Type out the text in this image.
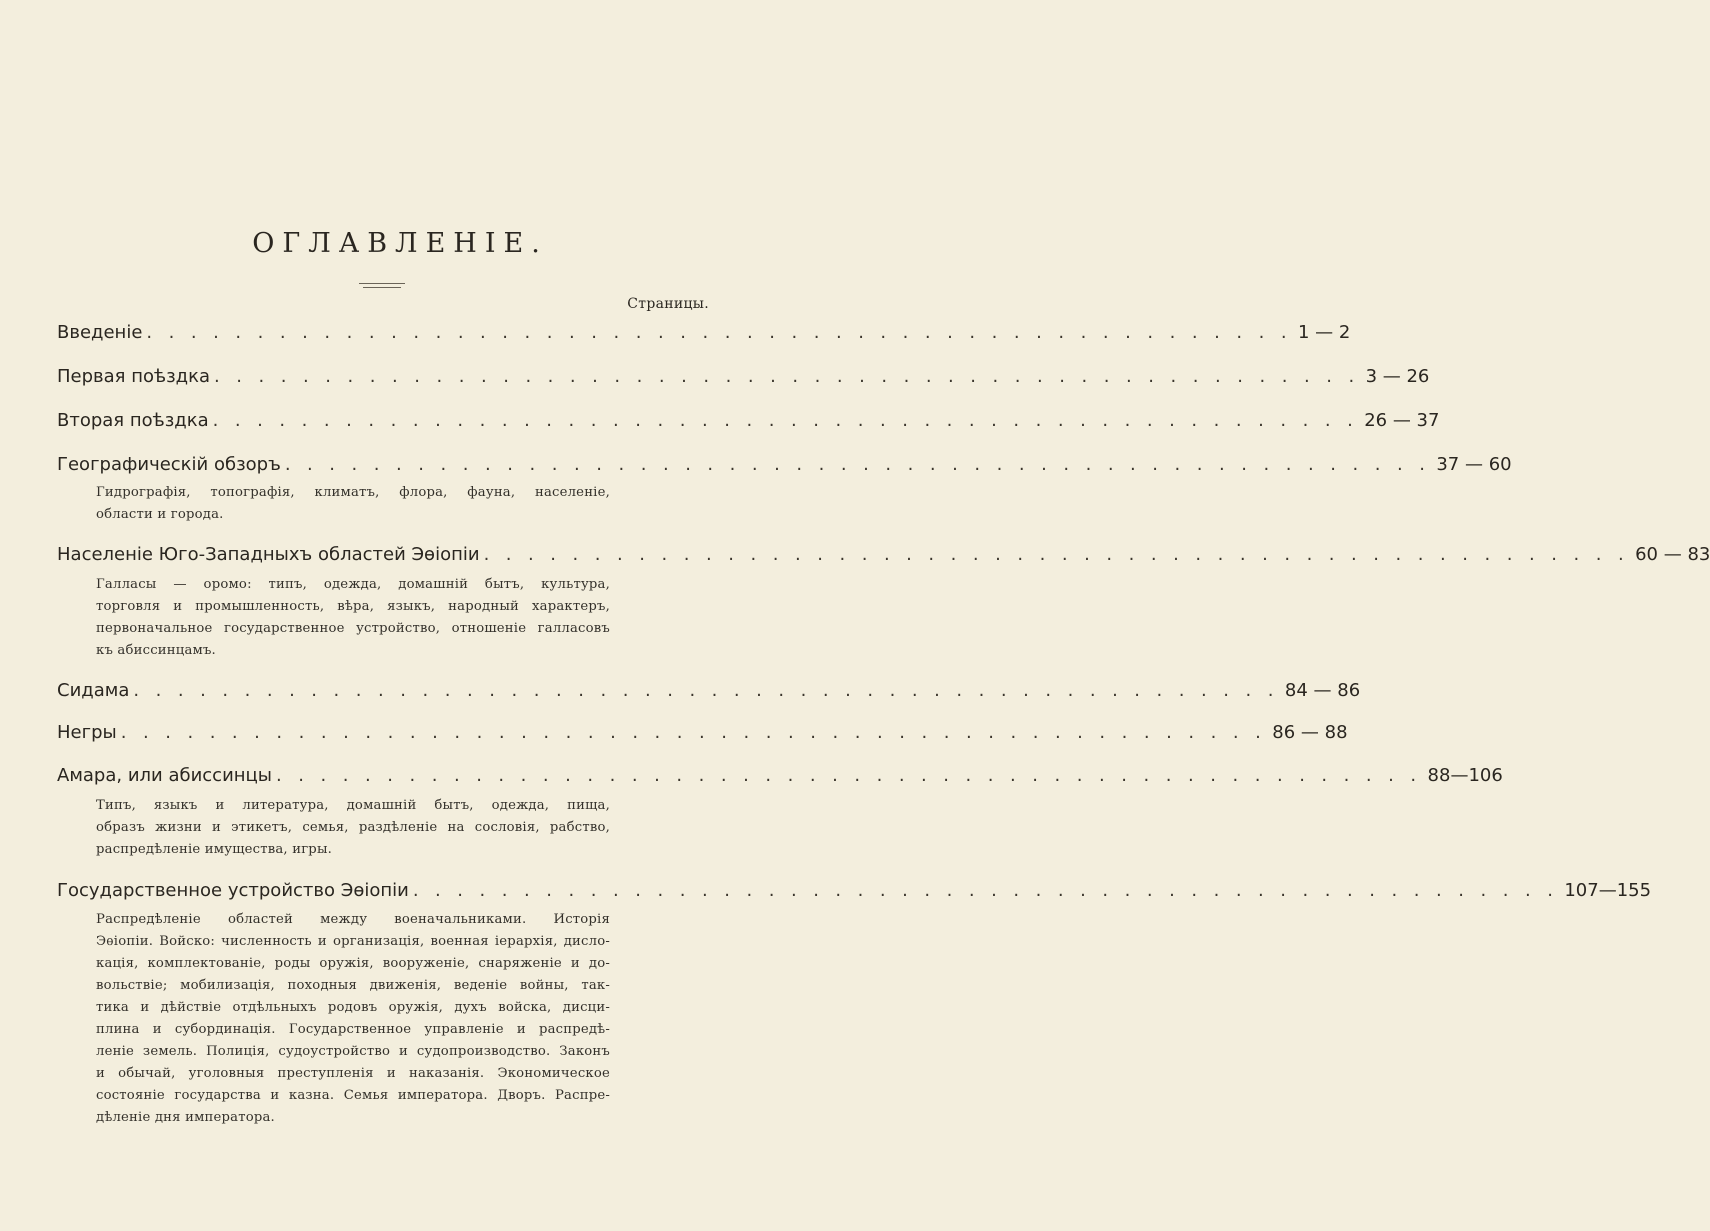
ОГЛАВЛЕНІЕ.
Страницы.
Введеніе . . . . . . . . . . . . . . . . . . . . . . . . . . . . . . . . . . . . . . . . . . . . . . . . . . . . 1 — 2
Первая поѣздка . . . . . . . . . . . . . . . . . . . . . . . . . . . . . . . . . . . . . . . . . . . . . . . . . . . . 3 — 26
Вторая поѣздка . . . . . . . . . . . . . . . . . . . . . . . . . . . . . . . . . . . . . . . . . . . . . . . . . . . . 26 — 37
Географическій обзоръ . . . . . . . . . . . . . . . . . . . . . . . . . . . . . . . . . . . . . . . . . . . . . . . . . . . . 37 — 60
Гидрографія, топографія, климатъ, флора, фауна, населеніе,
области и города.
Населеніе Юго-Западныхъ областей Эѳіопіи . . . . . . . . . . . . . . . . . . . . . . . . . . . . . . . . . . . . . . . . . . . . . . . . . . . . 60 — 83
Галласы — оромо: типъ, одежда, домашній бытъ, культура,
торговля и промышленность, вѣра, языкъ, народный характеръ,
первоначальное государственное устройство, отношеніе галласовъ
къ абиссинцамъ.
Сидама . . . . . . . . . . . . . . . . . . . . . . . . . . . . . . . . . . . . . . . . . . . . . . . . . . . . 84 — 86
Негры . . . . . . . . . . . . . . . . . . . . . . . . . . . . . . . . . . . . . . . . . . . . . . . . . . . . 86 — 88
Амара, или абиссинцы . . . . . . . . . . . . . . . . . . . . . . . . . . . . . . . . . . . . . . . . . . . . . . . . . . . . 88—106
Типъ, языкъ и литература, домашній бытъ, одежда, пища,
образъ жизни и этикетъ, семья, раздѣленіе на сословія, рабство,
распредѣленіе имущества, игры.
Государственное устройство Эѳіопіи . . . . . . . . . . . . . . . . . . . . . . . . . . . . . . . . . . . . . . . . . . . . . . . . . . . . 107—155
Распредѣленіе областей между военачальниками. Исторія
Эѳіопіи. Войско: численность и организація, военная іерархія, дисло-
кація, комплектованіе, роды оружія, вооруженіе, снаряженіе и до-
вольствіе; мобилизація, походныя движенія, веденіе войны, так-
тика и дѣйствіе отдѣльныхъ родовъ оружія, духъ войска, дисци-
плина и субординація. Государственное управленіе и распредѣ-
леніе земель. Полиція, судоустройство и судопроизводство. Законъ
и обычай, уголовныя преступленія и наказанія. Экономическое
состояніе государства и казна. Семья императора. Дворъ. Распре-
дѣленіе дня императора.
